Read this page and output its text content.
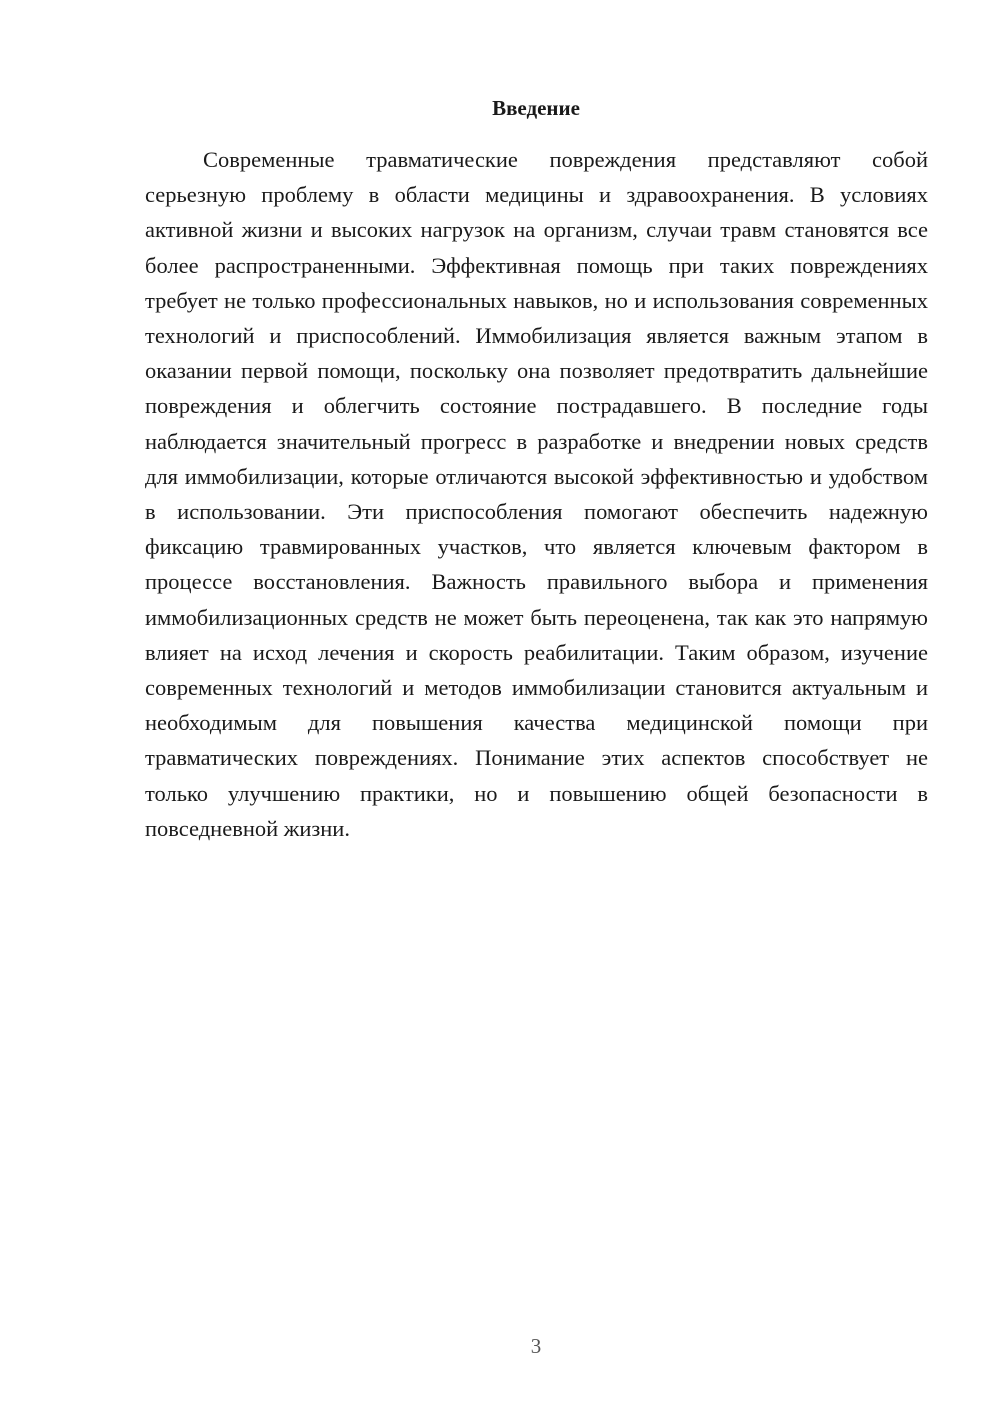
Введение

Современные травматические повреждения представляют собой серьезную проблему в области медицины и здравоохранения. В условиях активной жизни и высоких нагрузок на организм, случаи травм становятся все более распространенными. Эффективная помощь при таких повреждениях требует не только профессиональных навыков, но и использования современных технологий и приспособлений. Иммобилизация является важным этапом в оказании первой помощи, поскольку она позволяет предотвратить дальнейшие повреждения и облегчить состояние пострадавшего. В последние годы наблюдается значительный прогресс в разработке и внедрении новых средств для иммобилизации, которые отличаются высокой эффективностью и удобством в использовании. Эти приспособления помогают обеспечить надежную фиксацию травмированных участков, что является ключевым фактором в процессе восстановления. Важность правильного выбора и применения иммобилизационных средств не может быть переоценена, так как это напрямую влияет на исход лечения и скорость реабилитации. Таким образом, изучение современных технологий и методов иммобилизации становится актуальным и необходимым для повышения качества медицинской помощи при травматических повреждениях. Понимание этих аспектов способствует не только улучшению практики, но и повышению общей безопасности в повседневной жизни.

3
